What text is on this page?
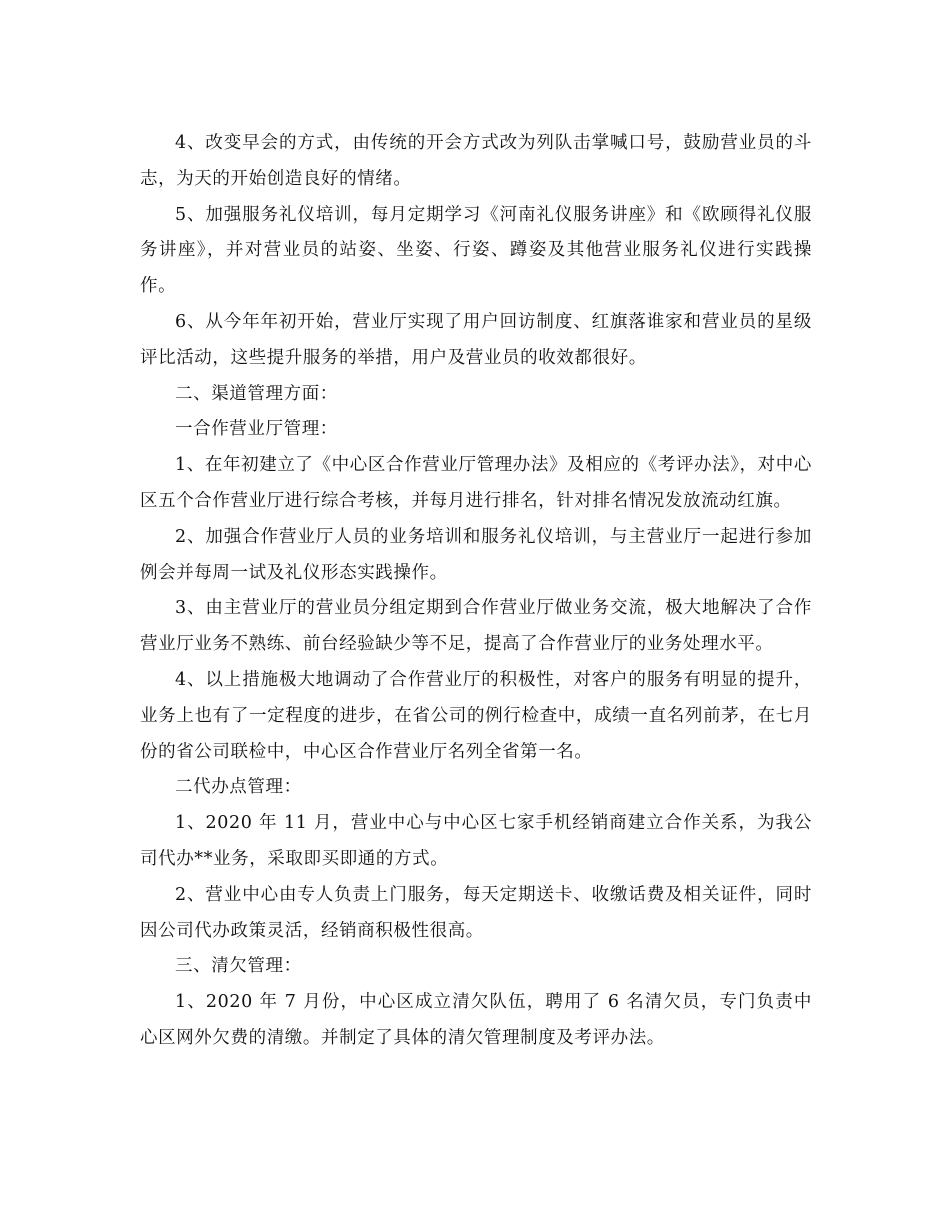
4、改变早会的方式，由传统的开会方式改为列队击掌喊口号，鼓励营业员的斗志，为天的开始创造良好的情绪。

5、加强服务礼仪培训，每月定期学习《河南礼仪服务讲座》和《欧顾得礼仪服务讲座》，并对营业员的站姿、坐姿、行姿、蹲姿及其他营业服务礼仪进行实践操作。

6、从今年年初开始，营业厅实现了用户回访制度、红旗落谁家和营业员的星级评比活动，这些提升服务的举措，用户及营业员的收效都很好。

二、渠道管理方面：

一合作营业厅管理：

1、在年初建立了《中心区合作营业厅管理办法》及相应的《考评办法》，对中心区五个合作营业厅进行综合考核，并每月进行排名，针对排名情况发放流动红旗。

2、加强合作营业厅人员的业务培训和服务礼仪培训，与主营业厅一起进行参加例会并每周一试及礼仪形态实践操作。

3、由主营业厅的营业员分组定期到合作营业厅做业务交流，极大地解决了合作营业厅业务不熟练、前台经验缺少等不足，提高了合作营业厅的业务处理水平。

4、以上措施极大地调动了合作营业厅的积极性，对客户的服务有明显的提升，业务上也有了一定程度的进步，在省公司的例行检查中，成绩一直名列前茅，在七月份的省公司联检中，中心区合作营业厅名列全省第一名。

二代办点管理：

1、2020 年 11 月，营业中心与中心区七家手机经销商建立合作关系，为我公司代办**业务，采取即买即通的方式。

2、营业中心由专人负责上门服务，每天定期送卡、收缴话费及相关证件，同时因公司代办政策灵活，经销商积极性很高。

三、清欠管理：

1、2020 年 7 月份，中心区成立清欠队伍，聘用了 6 名清欠员，专门负责中心区网外欠费的清缴。并制定了具体的清欠管理制度及考评办法。
